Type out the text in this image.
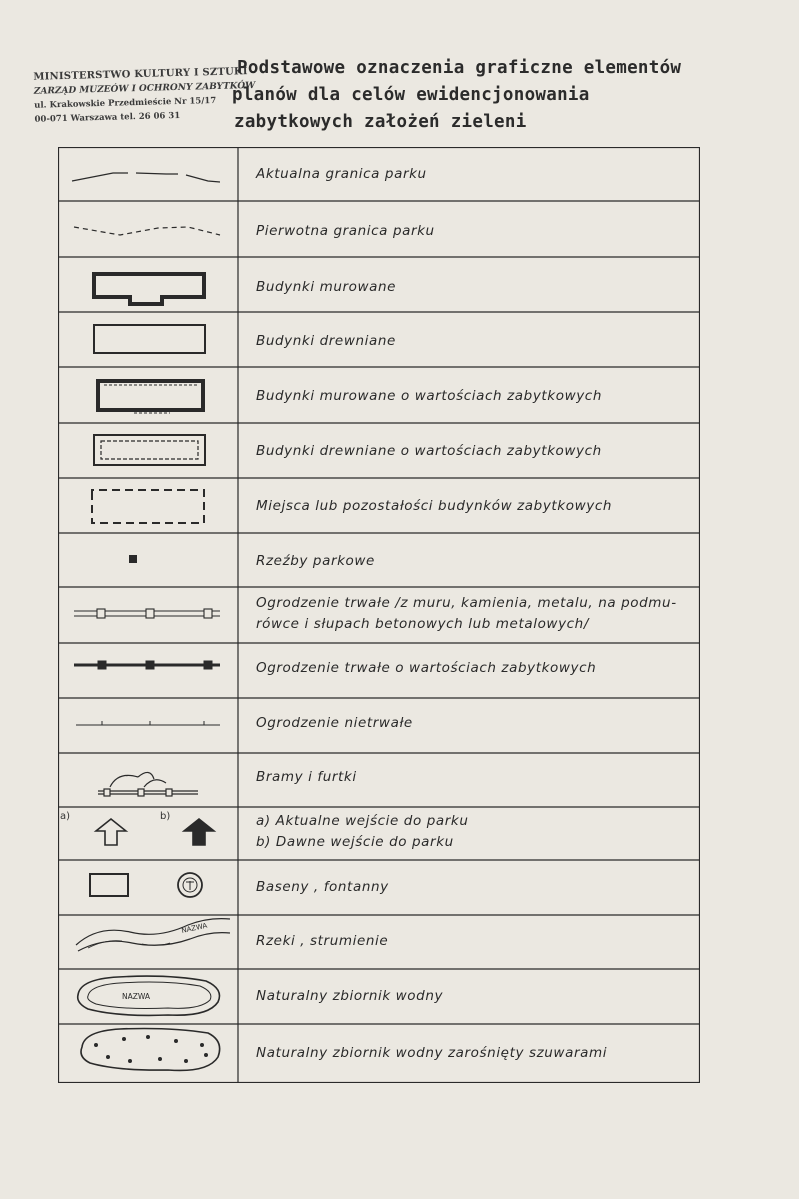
MINISTERSTWO KULTURY I SZTUKI
ZARZĄD MUZEÓW I OCHRONY ZABYTKÓW
ul. Krakowskie Przedmieście Nr 15/17
00-071 Warszawa tel. 26 06 31
Podstawowe oznaczenia graficzne elementów
planów dla celów ewidencjonowania
zabytkowych założeń zieleni
NAZWA
NAZWA
a)	b)
Aktualna granica parku
Pierwotna granica parku
Budynki murowane
Budynki drewniane
Budynki murowane o wartościach zabytkowych
Budynki drewniane o wartościach zabytkowych
Miejsca lub pozostałości budynków zabytkowych
Rzeźby parkowe
Ogrodzenie trwałe /z muru, kamienia, metalu, na podmu-
rówce i słupach betonowych lub metalowych/
Ogrodzenie trwałe o wartościach zabytkowych
Ogrodzenie nietrwałe
Bramy i furtki
a) Aktualne wejście do parku
b) Dawne wejście do parku
Baseny , fontanny
Rzeki , strumienie
Naturalny zbiornik wodny
Naturalny zbiornik wodny zarośnięty szuwarami
